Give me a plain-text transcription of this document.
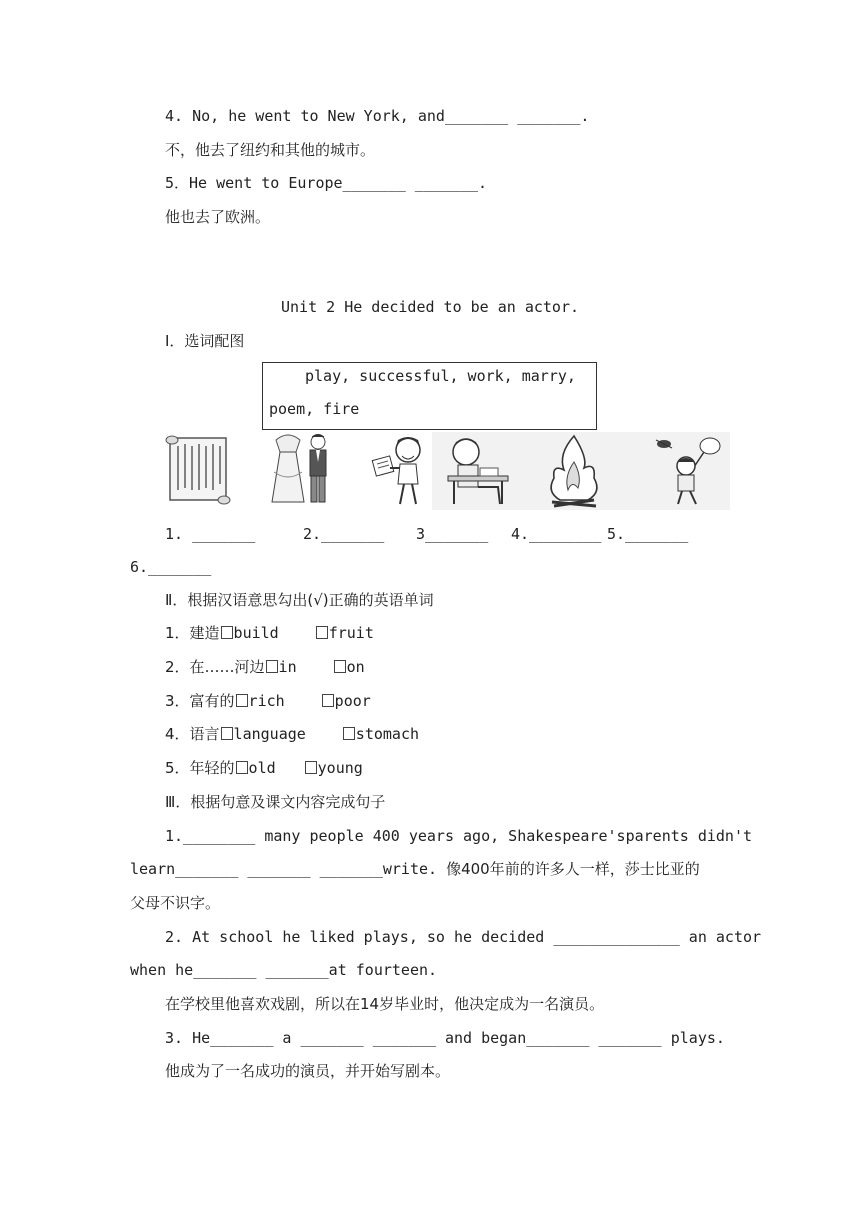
4. No, he went to New York, and_______ _______.
不，他去了纽约和其他的城市。
5．He went to Europe_______ _______.
他也去了欧洲。
Unit 2 He decided to be an actor.
I．选词配图
play, successful, work, marry,
poem, fire
1. _______	2._______ 3_______ 4.________ 5._______
6._______
Ⅱ．根据汉语意思勾出(√)正确的英语单词
1．建造 build	fruit
2．在……河边 in	on
3．富有的 rich	poor
4．语言 language	stomach
5．年轻的 old	young
Ⅲ．根据句意及课文内容完成句子
1.________ many people 400 years ago, Shakespeare'sparents didn't
learn_______ _______ _______write. 像400年前的许多人一样，莎士比亚的
父母不识字。
2. At school he liked plays, so he decided ______________ an actor
when he_______ _______at fourteen.
在学校里他喜欢戏剧，所以在14岁毕业时，他决定成为一名演员。
3. He_______ a _______ _______ and began_______ _______ plays.
他成为了一名成功的演员，并开始写剧本。
